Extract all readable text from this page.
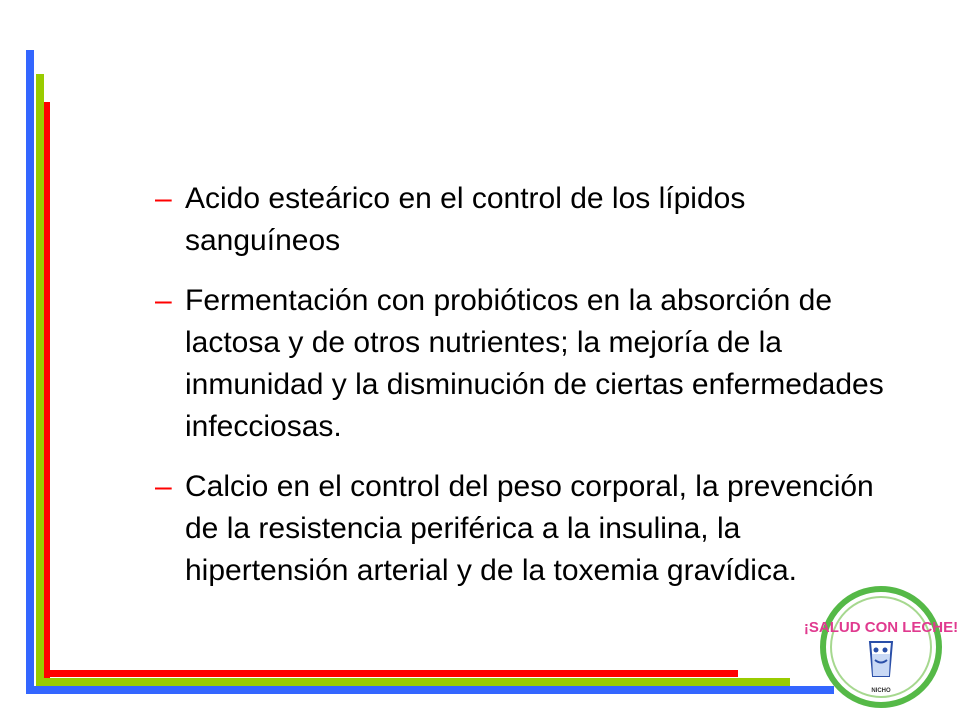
– Acido esteárico en el control de los lípidos sanguíneos
– Fermentación con probióticos en la absorción de lactosa y de otros nutrientes; la mejoría de la inmunidad y la disminución de ciertas enfermedades infecciosas.
– Calcio en el control del peso corporal, la prevención de la resistencia periférica a la insulina, la hipertensión arterial y de la toxemia gravídica.
¡SALUD CON LECHE!
NICHO
